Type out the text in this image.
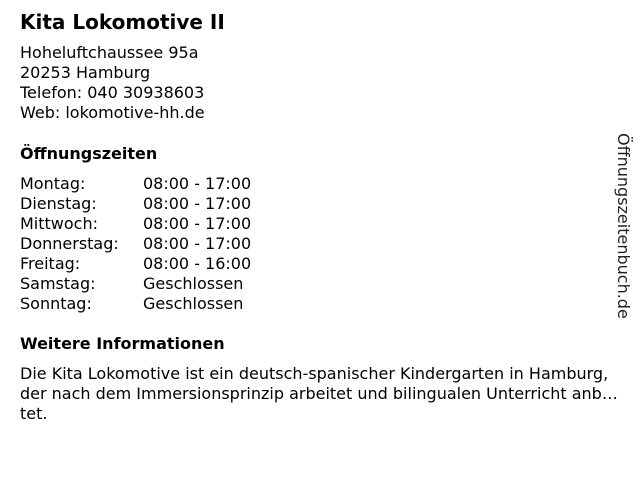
Kita Lokomotive II
Hoheluftchaussee 95a
20253 Hamburg
Telefon: 040 30938603
Web: lokomotive-hh.de
Öffnungszeiten
Montag:	08:00 - 17:00
Dienstag:	08:00 - 17:00
Mittwoch:	08:00 - 17:00
Donnerstag:	08:00 - 17:00
Freitag:	08:00 - 16:00
Samstag:	Geschlossen
Sonntag:	Geschlossen
Weitere Informationen
Die Kita Lokomotive ist ein deutsch-spanischer Kindergarten in Hamburg, der nach dem Immersionsprinzip arbeitet und bilingualen Unterricht anbietet.
Öffnungszeitenbuch.de
